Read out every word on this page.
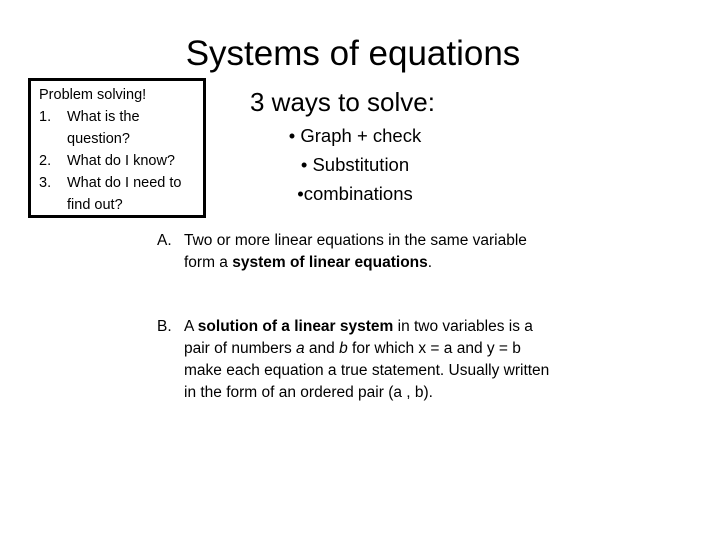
Systems of equations
Problem solving!
1. What is the question?
2. What do I know?
3. What do I need to find out?
3 ways to solve:
• Graph + check
• Substitution
•combinations
A. Two or more linear equations in the same variable form a system of linear equations.
B. A solution of a linear system in two variables is a pair of numbers a and b for which x = a and y = b make each equation a true statement. Usually written in the form of an ordered pair (a , b).
